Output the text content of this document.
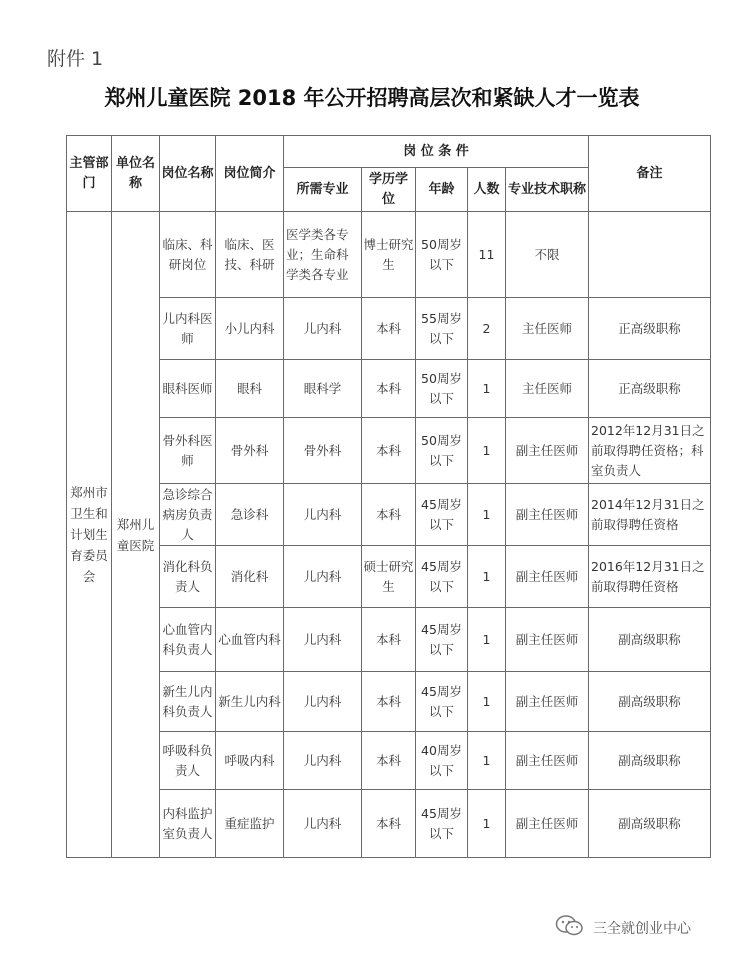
附件 1
郑州儿童医院 2018 年公开招聘高层次和紧缺人才一览表
主管部门	单位名称	岗位名称	岗位简介	岗 位 条 件					备注
				所需专业	学历学位	年龄	人数	专业技术职称	
郑州市卫生和计划生育委员会	郑州儿童医院	临床、科研岗位	临床、医技、科研	医学类各专业；生命科学类各专业	博士研究生	50周岁以下	11	不限	
		儿内科医师	小儿内科	儿内科	本科	55周岁以下	2	主任医师	正高级职称
		眼科医师	眼科	眼科学	本科	50周岁以下	1	主任医师	正高级职称
		骨外科医师	骨外科	骨外科	本科	50周岁以下	1	副主任医师	2012年12月31日之前取得聘任资格；科室负责人
		急诊综合病房负责人	急诊科	儿内科	本科	45周岁以下	1	副主任医师	2014年12月31日之前取得聘任资格
		消化科负责人	消化科	儿内科	硕士研究生	45周岁以下	1	副主任医师	2016年12月31日之前取得聘任资格
		心血管内科负责人	心血管内科	儿内科	本科	45周岁以下	1	副主任医师	副高级职称
		新生儿内科负责人	新生儿内科	儿内科	本科	45周岁以下	1	副主任医师	副高级职称
		呼吸科负责人	呼吸内科	儿内科	本科	40周岁以下	1	副主任医师	副高级职称
		内科监护室负责人	重症监护	儿内科	本科	45周岁以下	1	副主任医师	副高级职称
三全就创业中心
